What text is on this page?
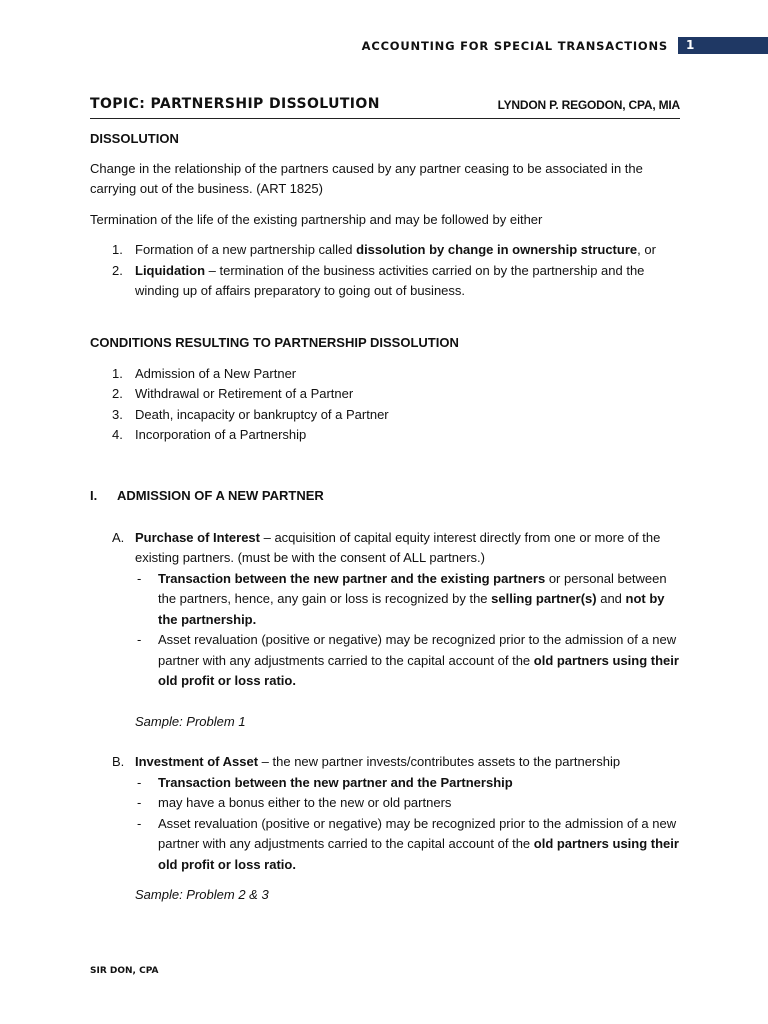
ACCOUNTING FOR SPECIAL TRANSACTIONS 1
TOPIC: PARTNERSHIP DISSOLUTION	LYNDON P. REGODON, CPA, MIA
DISSOLUTION
Change in the relationship of the partners caused by any partner ceasing to be associated in the carrying out of the business. (ART 1825)
Termination of the life of the existing partnership and may be followed by either
1. Formation of a new partnership called dissolution by change in ownership structure, or
2. Liquidation – termination of the business activities carried on by the partnership and the winding up of affairs preparatory to going out of business.
CONDITIONS RESULTING TO PARTNERSHIP DISSOLUTION
1. Admission of a New Partner
2. Withdrawal or Retirement of a Partner
3. Death, incapacity or bankruptcy of a Partner
4. Incorporation of a Partnership
I. ADMISSION OF A NEW PARTNER
A. Purchase of Interest – acquisition of capital equity interest directly from one or more of the existing partners. (must be with the consent of ALL partners.)
- Transaction between the new partner and the existing partners or personal between the partners, hence, any gain or loss is recognized by the selling partner(s) and not by the partnership.
- Asset revaluation (positive or negative) may be recognized prior to the admission of a new partner with any adjustments carried to the capital account of the old partners using their old profit or loss ratio.
Sample: Problem 1
B. Investment of Asset – the new partner invests/contributes assets to the partnership
- Transaction between the new partner and the Partnership
- may have a bonus either to the new or old partners
- Asset revaluation (positive or negative) may be recognized prior to the admission of a new partner with any adjustments carried to the capital account of the old partners using their old profit or loss ratio.
Sample: Problem 2 & 3
SIR DON, CPA
